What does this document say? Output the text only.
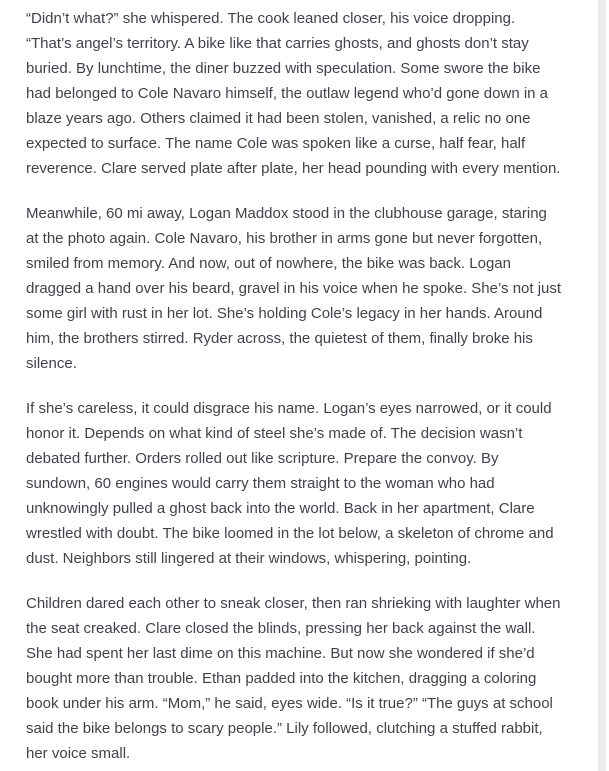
“Didn’t what?” she whispered. The cook leaned closer, his voice dropping.
“That’s angel’s territory. A bike like that carries ghosts, and ghosts don’t stay
buried. By lunchtime, the diner buzzed with speculation. Some swore the bike
had belonged to Cole Navaro himself, the outlaw legend who’d gone down in a
blaze years ago. Others claimed it had been stolen, vanished, a relic no one
expected to surface. The name Cole was spoken like a curse, half fear, half
reverence. Clare served plate after plate, her head pounding with every mention.

Meanwhile, 60 mi away, Logan Maddox stood in the clubhouse garage, staring
at the photo again. Cole Navaro, his brother in arms gone but never forgotten,
smiled from memory. And now, out of nowhere, the bike was back. Logan
dragged a hand over his beard, gravel in his voice when he spoke. She’s not just
some girl with rust in her lot. She’s holding Cole’s legacy in her hands. Around
him, the brothers stirred. Ryder across, the quietest of them, finally broke his
silence.

If she’s careless, it could disgrace his name. Logan’s eyes narrowed, or it could
honor it. Depends on what kind of steel she’s made of. The decision wasn’t
debated further. Orders rolled out like scripture. Prepare the convoy. By
sundown, 60 engines would carry them straight to the woman who had
unknowingly pulled a ghost back into the world. Back in her apartment, Clare
wrestled with doubt. The bike loomed in the lot below, a skeleton of chrome and
dust. Neighbors still lingered at their windows, whispering, pointing.

Children dared each other to sneak closer, then ran shrieking with laughter when
the seat creaked. Clare closed the blinds, pressing her back against the wall.
She had spent her last dime on this machine. But now she wondered if she’d
bought more than trouble. Ethan padded into the kitchen, dragging a coloring
book under his arm. “Mom,” he said, eyes wide. “Is it true?” “The guys at school
said the bike belongs to scary people.” Lily followed, clutching a stuffed rabbit,
her voice small.
